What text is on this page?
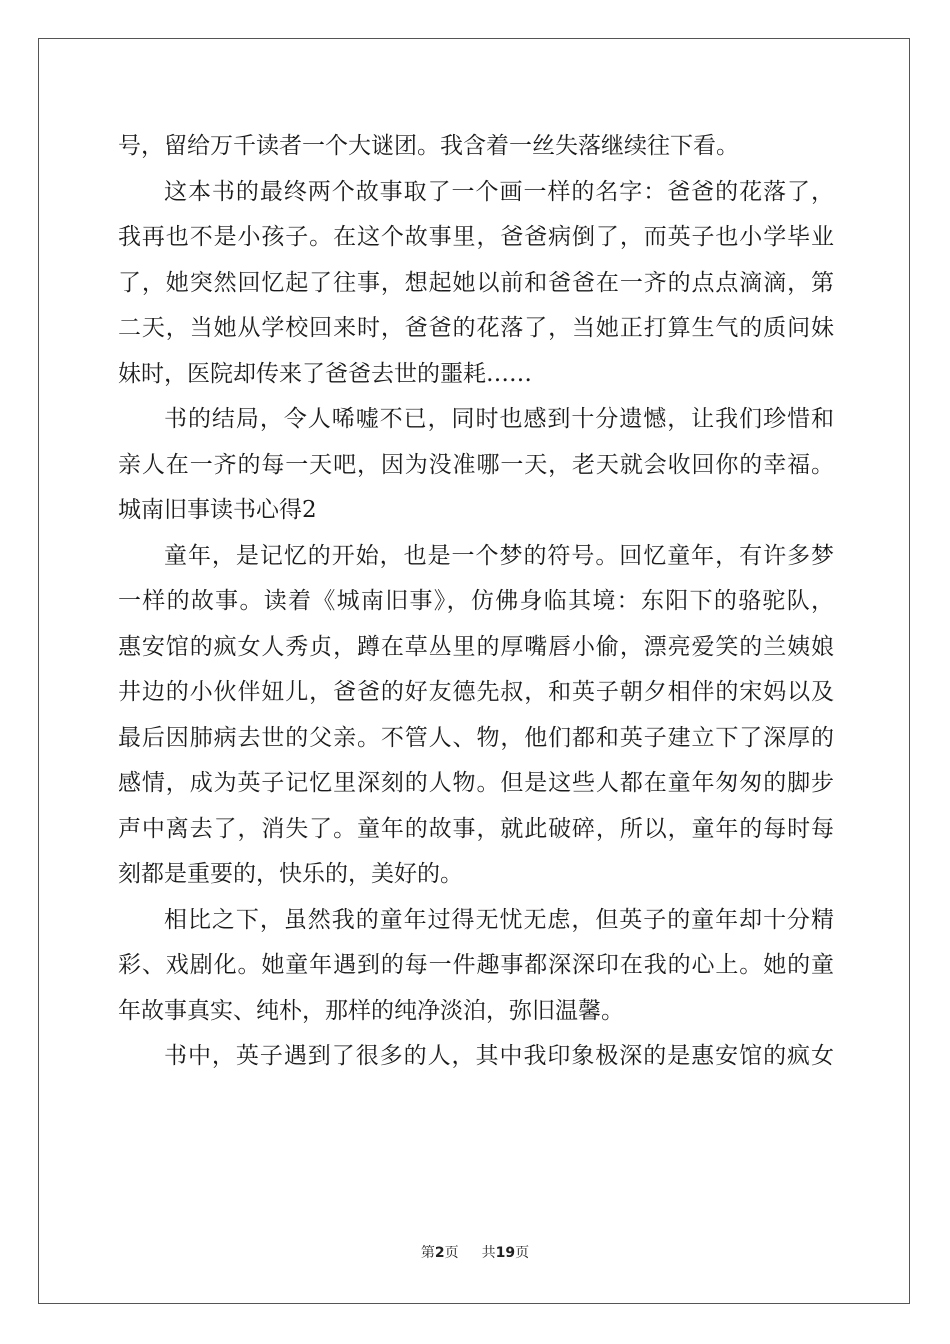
号，留给万千读者一个大谜团。我含着一丝失落继续往下看。
这本书的最终两个故事取了一个画一样的名字：爸爸的花落了，
我再也不是小孩子。在这个故事里，爸爸病倒了，而英子也小学毕业
了，她突然回忆起了往事，想起她以前和爸爸在一齐的点点滴滴，第
二天，当她从学校回来时，爸爸的花落了，当她正打算生气的质问妹
妹时，医院却传来了爸爸去世的噩耗……
书的结局，令人唏嘘不已，同时也感到十分遗憾，让我们珍惜和
亲人在一齐的每一天吧，因为没准哪一天，老天就会收回你的幸福。
城南旧事读书心得2
童年，是记忆的开始，也是一个梦的符号。回忆童年，有许多梦
一样的故事。读着《城南旧事》，仿佛身临其境：东阳下的骆驼队，
惠安馆的疯女人秀贞，蹲在草丛里的厚嘴唇小偷，漂亮爱笑的兰姨娘
井边的小伙伴妞儿，爸爸的好友德先叔，和英子朝夕相伴的宋妈以及
最后因肺病去世的父亲。不管人、物，他们都和英子建立下了深厚的
感情，成为英子记忆里深刻的人物。但是这些人都在童年匆匆的脚步
声中离去了，消失了。童年的故事，就此破碎，所以，童年的每时每
刻都是重要的，快乐的，美好的。
相比之下，虽然我的童年过得无忧无虑，但英子的童年却十分精
彩、戏剧化。她童年遇到的每一件趣事都深深印在我的心上。她的童
年故事真实、纯朴，那样的纯净淡泊，弥旧温馨。
书中，英子遇到了很多的人，其中我印象极深的是惠安馆的疯女
第2页 共19页
